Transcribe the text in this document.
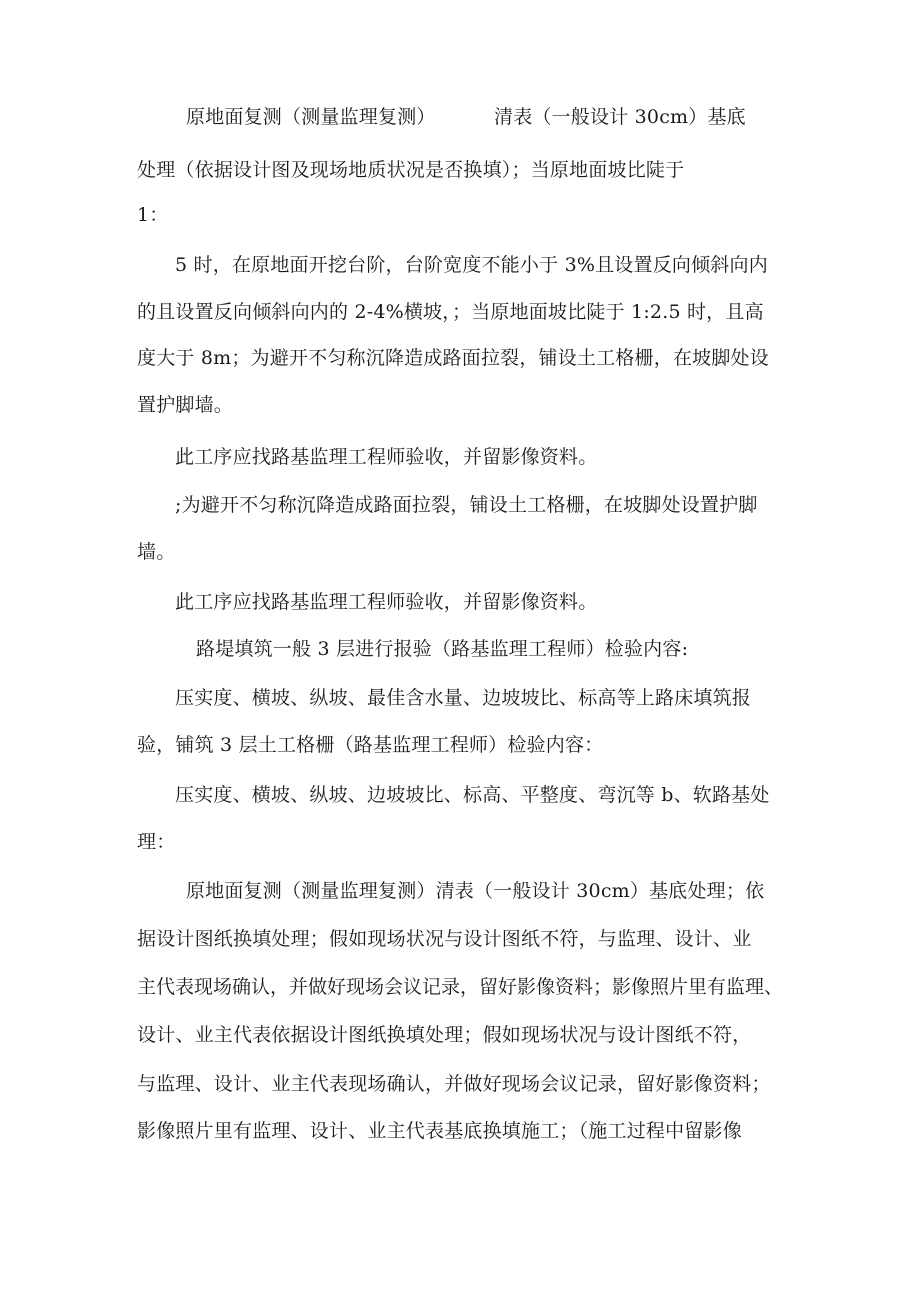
原地面复测（测量监理复测）	清表（一般设计 30cm）基底
处理（依据设计图及现场地质状况是否换填）；当原地面坡比陡于
1：
5 时，在原地面开挖台阶，台阶宽度不能小于 3%且设置反向倾斜向内
的且设置反向倾斜向内的 2-4%横坡，；当原地面坡比陡于 1:2.5 时，且高
度大于 8m；为避开不匀称沉降造成路面拉裂，铺设土工格栅，在坡脚处设
置护脚墙。
此工序应找路基监理工程师验收，并留影像资料。
;为避开不匀称沉降造成路面拉裂，铺设土工格栅，在坡脚处设置护脚
墙。
此工序应找路基监理工程师验收，并留影像资料。
路堤填筑一般 3 层进行报验（路基监理工程师）检验内容:
压实度、横坡、纵坡、最佳含水量、边坡坡比、标高等上路床填筑报
验，铺筑 3 层土工格栅（路基监理工程师）检验内容：
压实度、横坡、纵坡、边坡坡比、标高、平整度、弯沉等 b、软路基处
理：
原地面复测（测量监理复测）清表（一般设计 30cm）基底处理；依
据设计图纸换填处理；假如现场状况与设计图纸不符，与监理、设计、业
主代表现场确认，并做好现场会议记录，留好影像资料；影像照片里有监理、
设计、业主代表依据设计图纸换填处理；假如现场状况与设计图纸不符，
与监理、设计、业主代表现场确认，并做好现场会议记录，留好影像资料；
影像照片里有监理、设计、业主代表基底换填施工；（施工过程中留影像
